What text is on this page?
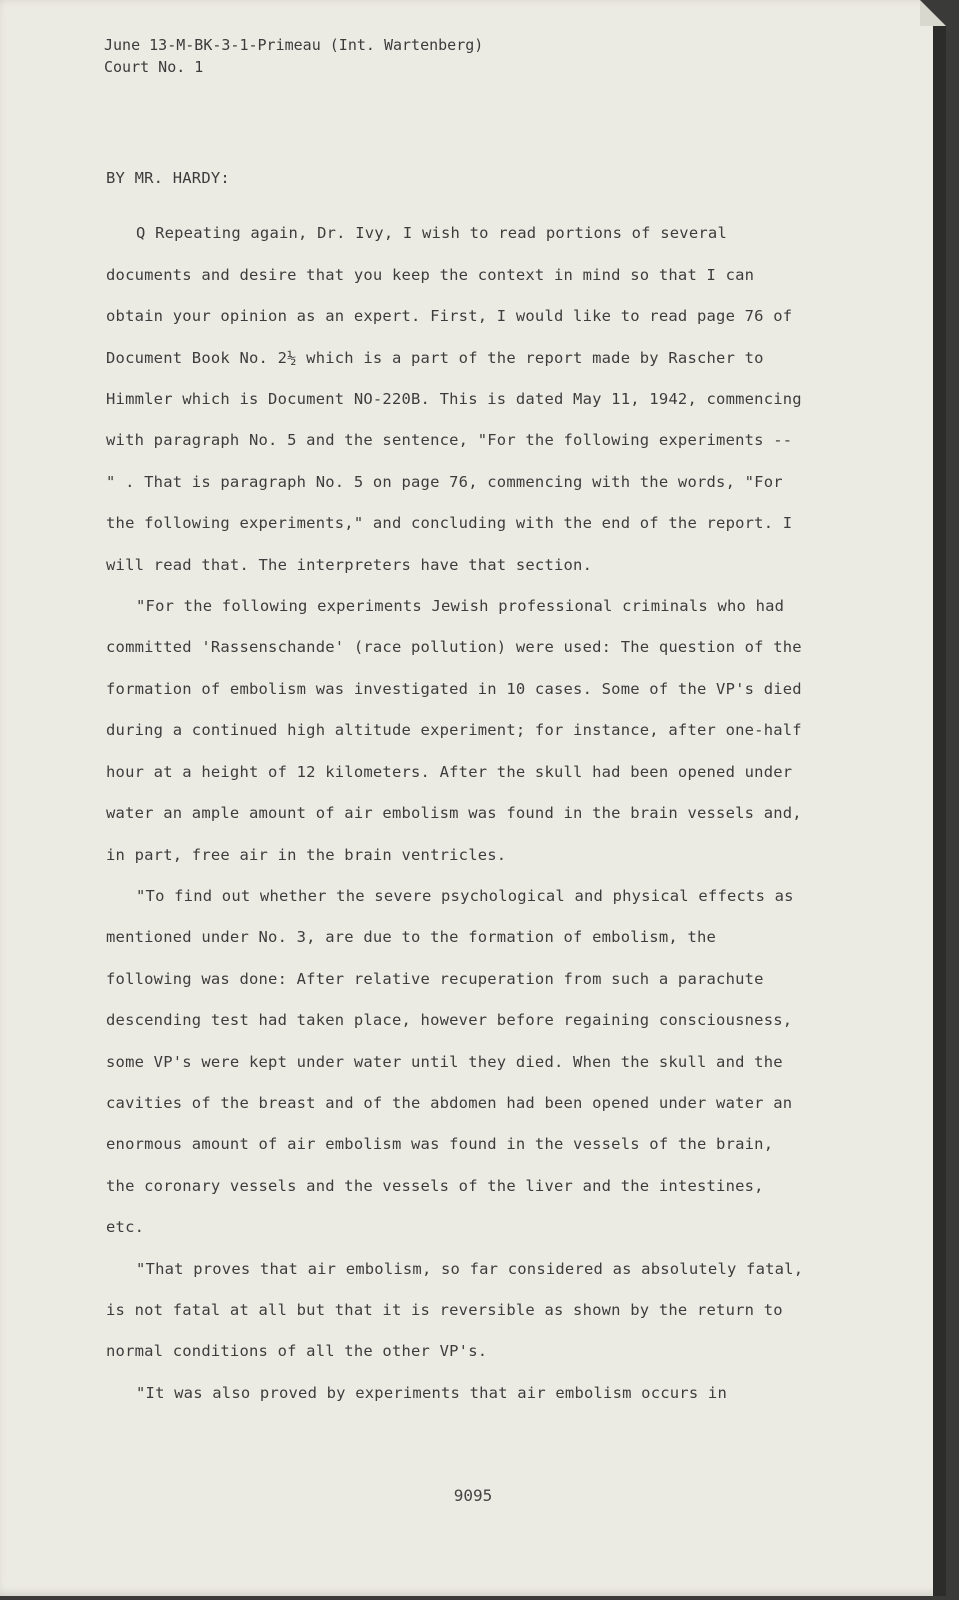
June 13-M-BK-3-1-Primeau (Int. Wartenberg)
Court No. 1

BY MR. HARDY:

Q Repeating again, Dr. Ivy, I wish to read portions of several documents and desire that you keep the context in mind so that I can obtain your opinion as an expert. First, I would like to read page 76 of Document Book No. 2½ which is a part of the report made by Rascher to Himmler which is Document NO-220B. This is dated May 11, 1942, commencing with paragraph No. 5 and the sentence, "For the following experiments -- " . That is paragraph No. 5 on page 76, commencing with the words, "For the following experiments," and concluding with the end of the report. I will read that. The interpreters have that section.

"For the following experiments Jewish professional criminals who had committed 'Rassenschande' (race pollution) were used: The question of the formation of embolism was investigated in 10 cases. Some of the VP's died during a continued high altitude experiment; for instance, after one-half hour at a height of 12 kilometers. After the skull had been opened under water an ample amount of air embolism was found in the brain vessels and, in part, free air in the brain ventricles.

"To find out whether the severe psychological and physical effects as mentioned under No. 3, are due to the formation of embolism, the following was done: After relative recuperation from such a parachute descending test had taken place, however before regaining consciousness, some VP's were kept under water until they died. When the skull and the cavities of the breast and of the abdomen had been opened under water an enormous amount of air embolism was found in the vessels of the brain, the coronary vessels and the vessels of the liver and the intestines, etc.

"That proves that air embolism, so far considered as absolutely fatal, is not fatal at all but that it is reversible as shown by the return to normal conditions of all the other VP's.

"It was also proved by experiments that air embolism occurs in

9095
